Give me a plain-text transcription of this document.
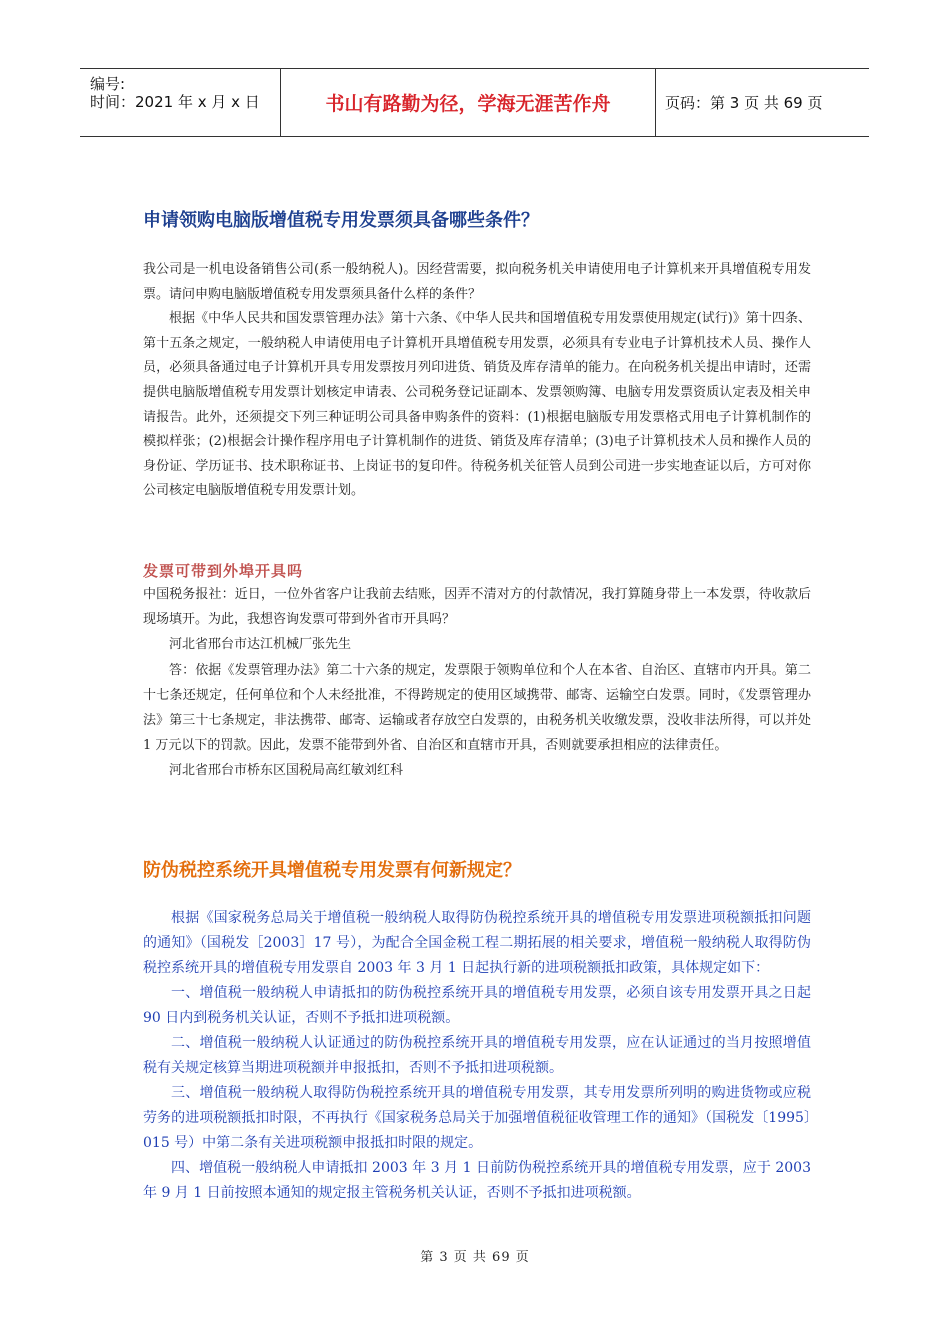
编号:
时间：2021 年 x 月 x 日	书山有路勤为径，学海无涯苦作舟	页码：第 3 页 共 69 页
申请领购电脑版增值税专用发票须具备哪些条件？

我公司是一机电设备销售公司(系一般纳税人)。因经营需要，拟向税务机关申请使用电子计算机来开具增值税专用发票。请问申购电脑版增值税专用发票须具备什么样的条件？

根据《中华人民共和国发票管理办法》第十六条、《中华人民共和国增值税专用发票使用规定(试行)》第十四条、第十五条之规定，一般纳税人申请使用电子计算机开具增值税专用发票，必须具有专业电子计算机技术人员、操作人员，必须具备通过电子计算机开具专用发票按月列印进货、销货及库存清单的能力。在向税务机关提出申请时，还需提供电脑版增值税专用发票计划核定申请表、公司税务登记证副本、发票领购簿、电脑专用发票资质认定表及相关申请报告。此外，还须提交下列三种证明公司具备申购条件的资料：(1)根据电脑版专用发票格式用电子计算机制作的模拟样张；(2)根据会计操作程序用电子计算机制作的进货、销货及库存清单；(3)电子计算机技术人员和操作人员的身份证、学历证书、技术职称证书、上岗证书的复印件。待税务机关征管人员到公司进一步实地查证以后，方可对你公司核定电脑版增值税专用发票计划。

发票可带到外埠开具吗

中国税务报社：近日，一位外省客户让我前去结账，因弄不清对方的付款情况，我打算随身带上一本发票，待收款后现场填开。为此，我想咨询发票可带到外省市开具吗？

河北省邢台市达江机械厂张先生

答：依据《发票管理办法》第二十六条的规定，发票限于领购单位和个人在本省、自治区、直辖市内开具。第二十七条还规定，任何单位和个人未经批准，不得跨规定的使用区域携带、邮寄、运输空白发票。同时，《发票管理办法》第三十七条规定，非法携带、邮寄、运输或者存放空白发票的，由税务机关收缴发票，没收非法所得，可以并处 1 万元以下的罚款。因此，发票不能带到外省、自治区和直辖市开具，否则就要承担相应的法律责任。

河北省邢台市桥东区国税局高红敏刘红科

防伪税控系统开具增值税专用发票有何新规定？

根据《国家税务总局关于增值税一般纳税人取得防伪税控系统开具的增值税专用发票进项税额抵扣问题的通知》（国税发［2003］17 号），为配合全国金税工程二期拓展的相关要求，增值税一般纳税人取得防伪税控系统开具的增值税专用发票自 2003 年 3 月 1 日起执行新的进项税额抵扣政策，具体规定如下：

一、增值税一般纳税人申请抵扣的防伪税控系统开具的增值税专用发票，必须自该专用发票开具之日起 90 日内到税务机关认证，否则不予抵扣进项税额。

二、增值税一般纳税人认证通过的防伪税控系统开具的增值税专用发票，应在认证通过的当月按照增值税有关规定核算当期进项税额并申报抵扣，否则不予抵扣进项税额。

三、增值税一般纳税人取得防伪税控系统开具的增值税专用发票，其专用发票所列明的购进货物或应税劳务的进项税额抵扣时限，不再执行《国家税务总局关于加强增值税征收管理工作的通知》（国税发〔1995〕015 号）中第二条有关进项税额申报抵扣时限的规定。

四、增值税一般纳税人申请抵扣 2003 年 3 月 1 日前防伪税控系统开具的增值税专用发票，应于 2003 年 9 月 1 日前按照本通知的规定报主管税务机关认证，否则不予抵扣进项税额。

第 3 页 共 69 页
